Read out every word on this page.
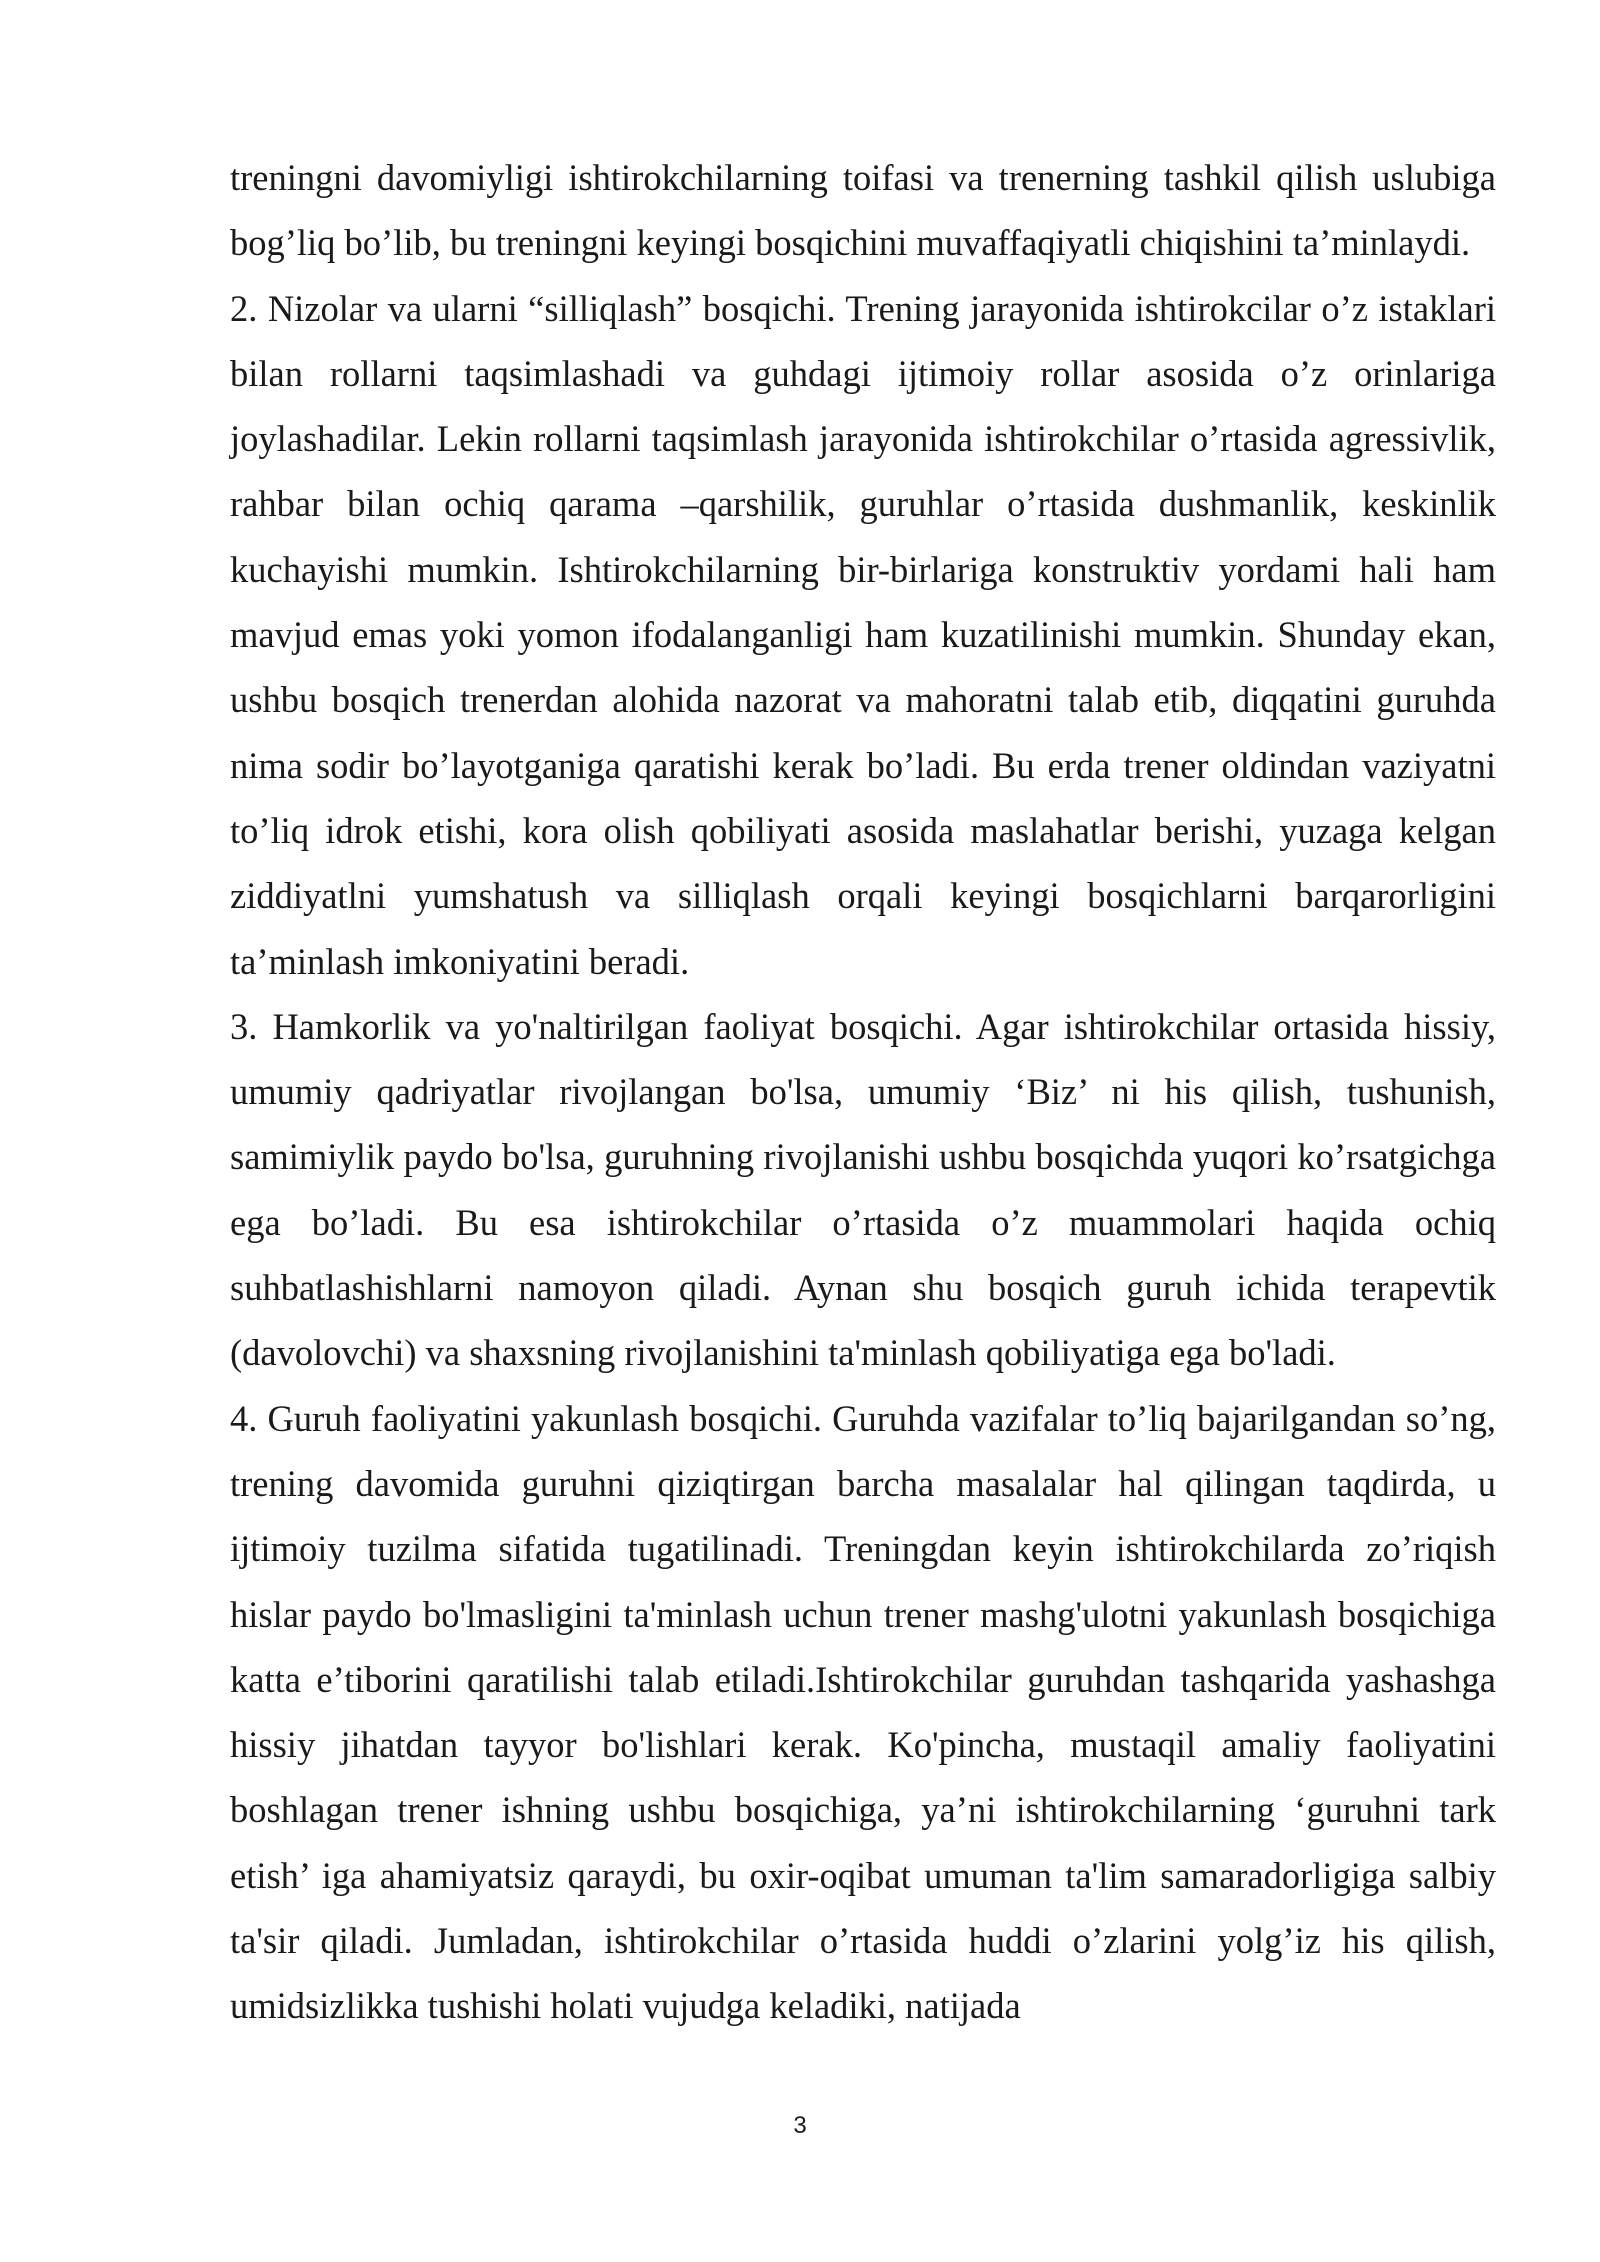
treningni davomiyligi ishtirokchilarning toifasi va trenerning tashkil qilish uslubiga bog’liq bo’lib, bu treningni keyingi bosqichini muvaffaqiyatli chiqishini ta’minlaydi.

2. Nizolar va ularni “silliqlash” bosqichi. Trening jarayonida ishtirokcilar o’z istaklari bilan rollarni taqsimlashadi va guhdagi ijtimoiy rollar asosida o’z orinlariga joylashadilar. Lekin rollarni taqsimlash jarayonida ishtirokchilar o’rtasida agressivlik, rahbar bilan ochiq qarama –qarshilik, guruhlar o’rtasida dushmanlik, keskinlik kuchayishi mumkin. Ishtirokchilarning bir-birlariga konstruktiv yordami hali ham mavjud emas yoki yomon ifodalanganligi ham kuzatilinishi mumkin. Shunday ekan, ushbu bosqich trenerdan alohida nazorat va mahoratni talab etib, diqqatini guruhda nima sodir bo’layotganiga qaratishi kerak bo’ladi. Bu erda trener oldindan vaziyatni to’liq idrok etishi, kora olish qobiliyati asosida maslahatlar berishi, yuzaga kelgan ziddiyatlni yumshatush va silliqlash orqali keyingi bosqichlarni barqarorligini ta’minlash imkoniyatini beradi.

3. Hamkorlik va yo'naltirilgan faoliyat bosqichi. Agar ishtirokchilar ortasida hissiy, umumiy qadriyatlar rivojlangan bo'lsa, umumiy ‘Biz’ ni his qilish, tushunish, samimiylik paydo bo'lsa, guruhning rivojlanishi ushbu bosqichda yuqori ko’rsatgichga ega bo’ladi. Bu esa ishtirokchilar o’rtasida o’z muammolari haqida ochiq suhbatlashishlarni namoyon qiladi. Aynan shu bosqich guruh ichida terapevtik (davolovchi) va shaxsning rivojlanishini ta'minlash qobiliyatiga ega bo'ladi.

4. Guruh faoliyatini yakunlash bosqichi. Guruhda vazifalar to’liq bajarilgandan so’ng, trening davomida guruhni qiziqtirgan barcha masalalar hal qilingan taqdirda, u ijtimoiy tuzilma sifatida tugatilinadi. Treningdan keyin ishtirokchilarda zo’riqish hislar paydo bo'lmasligini ta'minlash uchun trener mashg'ulotni yakunlash bosqichiga katta e’tiborini qaratilishi talab etiladi.Ishtirokchilar guruhdan tashqarida yashashga hissiy jihatdan tayyor bo'lishlari kerak. Ko'pincha, mustaqil amaliy faoliyatini boshlagan trener ishning ushbu bosqichiga, ya’ni ishtirokchilarning ‘guruhni tark etish’ iga ahamiyatsiz qaraydi, bu oxir-oqibat umuman ta'lim samaradorligiga salbiy ta'sir qiladi. Jumladan, ishtirokchilar o’rtasida huddi o’zlarini yolg’iz his qilish, umidsizlikka tushishi holati vujudga keladiki, natijada

3
